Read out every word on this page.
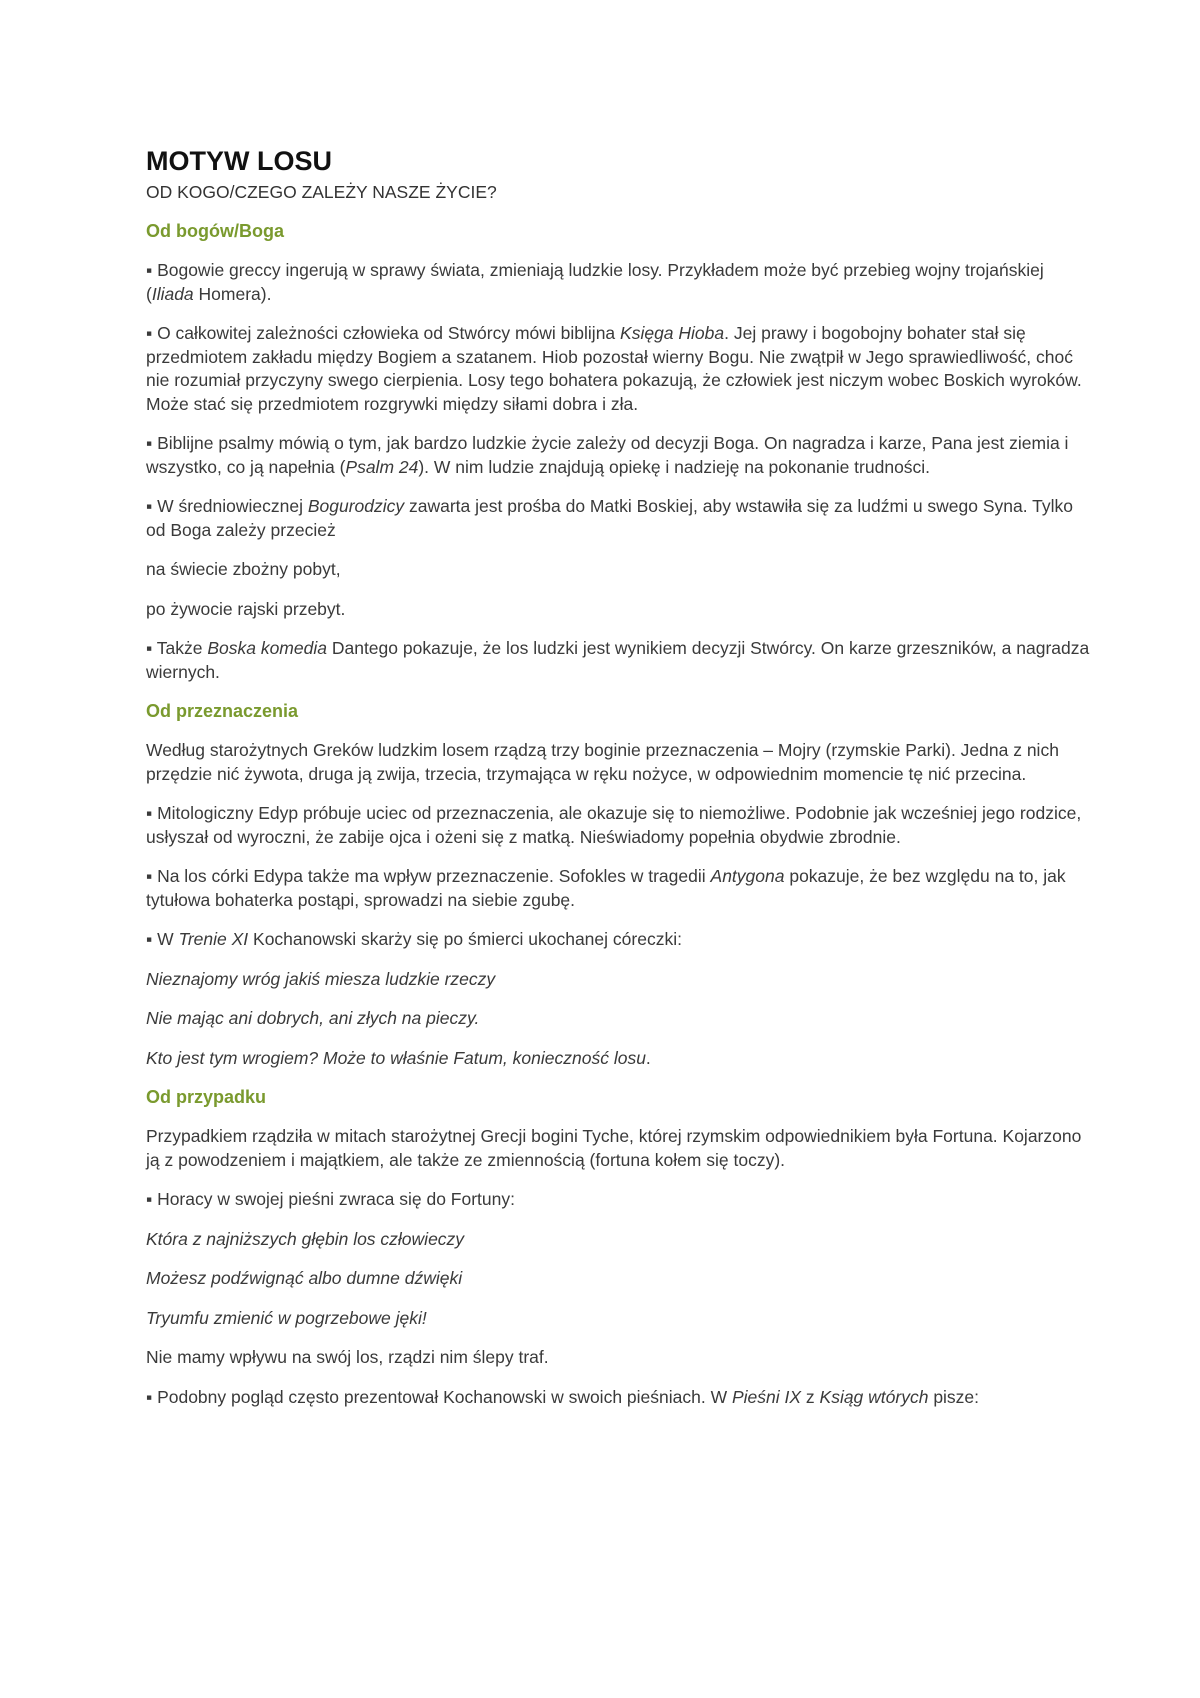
MOTYW LOSU
OD KOGO/CZEGO ZALEŻY NASZE ŻYCIE?
Od bogów/Boga
▪ Bogowie greccy ingerują w sprawy świata, zmieniają ludzkie losy. Przykładem może być przebieg wojny trojańskiej (Iliada Homera).
▪ O całkowitej zależności człowieka od Stwórcy mówi biblijna Księga Hioba. Jej prawy i bogobojny bohater stał się przedmiotem zakładu między Bogiem a szatanem. Hiob pozostał wierny Bogu. Nie zwątpił w Jego sprawiedliwość, choć nie rozumiał przyczyny swego cierpienia. Losy tego bohatera pokazują, że człowiek jest niczym wobec Boskich wyroków. Może stać się przedmiotem rozgrywki między siłami dobra i zła.
▪ Biblijne psalmy mówią o tym, jak bardzo ludzkie życie zależy od decyzji Boga. On nagradza i karze, Pana jest ziemia i wszystko, co ją napełnia (Psalm 24). W nim ludzie znajdują opiekę i nadzieję na pokonanie trudności.
▪ W średniowiecznej Bogurodzicy zawarta jest prośba do Matki Boskiej, aby wstawiła się za ludźmi u swego Syna. Tylko od Boga zależy przecież
na świecie zbożny pobyt,
po żywocie rajski przebyt.
▪ Także Boska komedia Dantego pokazuje, że los ludzki jest wynikiem decyzji Stwórcy. On karze grzeszników, a nagradza wiernych.
Od przeznaczenia
Według starożytnych Greków ludzkim losem rządzą trzy boginie przeznaczenia – Mojry (rzymskie Parki). Jedna z nich przędzie nić żywota, druga ją zwija, trzecia, trzymająca w ręku nożyce, w odpowiednim momencie tę nić przecina.
▪ Mitologiczny Edyp próbuje uciec od przeznaczenia, ale okazuje się to niemożliwe. Podobnie jak wcześniej jego rodzice, usłyszał od wyroczni, że zabije ojca i ożeni się z matką. Nieświadomy popełnia obydwie zbrodnie.
▪ Na los córki Edypa także ma wpływ przeznaczenie. Sofokles w tragedii Antygona pokazuje, że bez względu na to, jak tytułowa bohaterka postąpi, sprowadzi na siebie zgubę.
▪ W Trenie XI Kochanowski skarży się po śmierci ukochanej córeczki:
Nieznajomy wróg jakiś miesza ludzkie rzeczy
Nie mając ani dobrych, ani złych na pieczy.
Kto jest tym wrogiem? Może to właśnie Fatum, konieczność losu.
Od przypadku
Przypadkiem rządziła w mitach starożytnej Grecji bogini Tyche, której rzymskim odpowiednikiem była Fortuna. Kojarzono ją z powodzeniem i majątkiem, ale także ze zmiennością (fortuna kołem się toczy).
▪ Horacy w swojej pieśni zwraca się do Fortuny:
Która z najniższych głębin los człowieczy
Możesz podźwignąć albo dumne dźwięki
Tryumfu zmienić w pogrzebowe jęki!
Nie mamy wpływu na swój los, rządzi nim ślepy traf.
▪ Podobny pogląd często prezentował Kochanowski w swoich pieśniach. W Pieśni IX z Ksiąg wtórych pisze:
